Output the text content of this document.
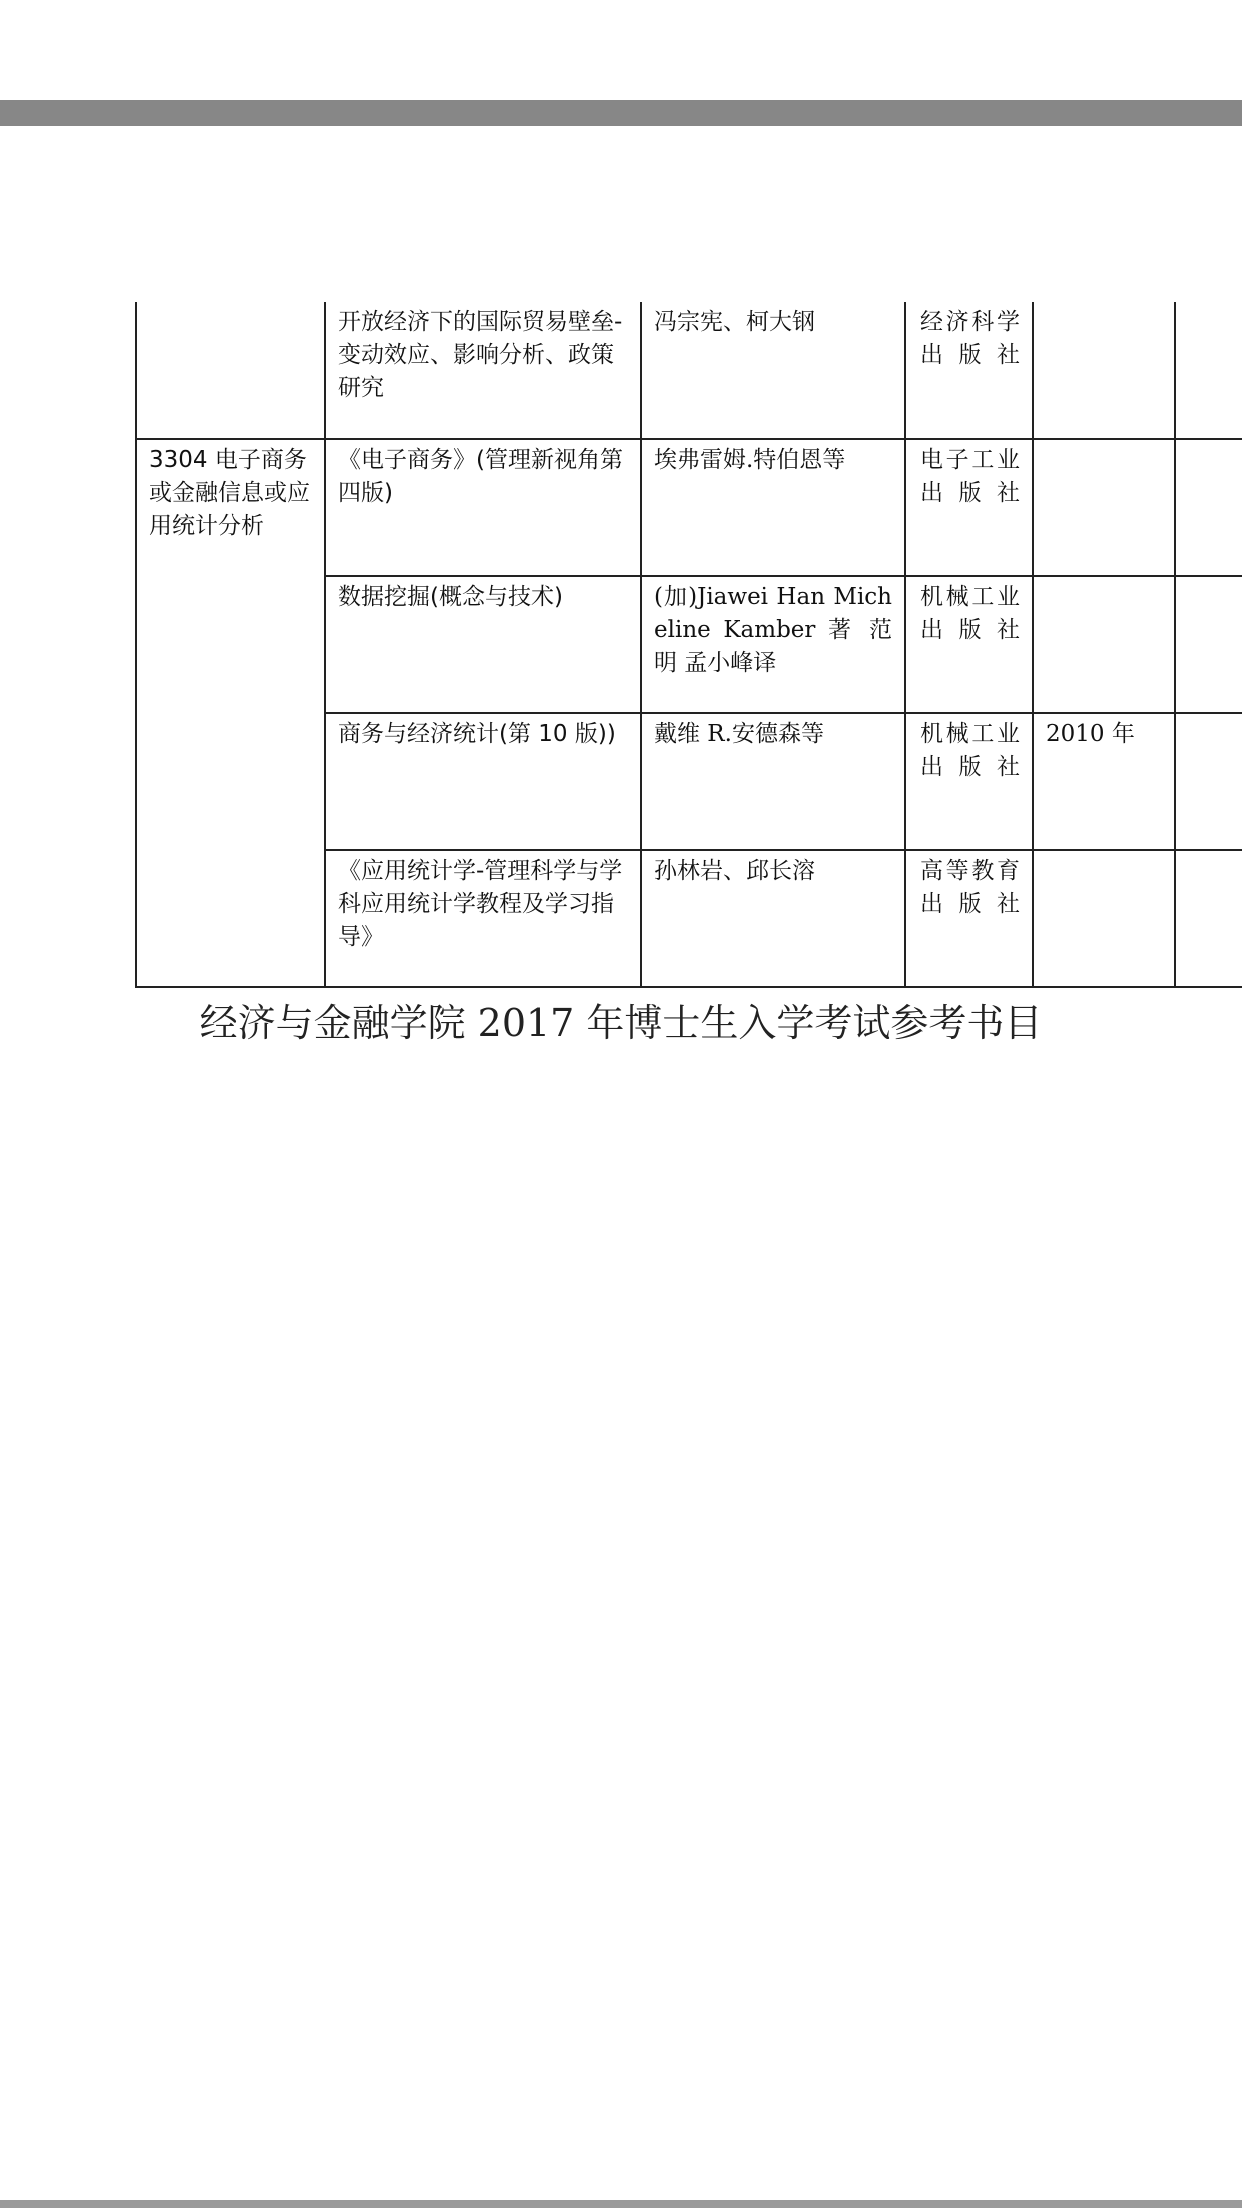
	开放经济下的国际贸易壁垒-变动效应、影响分析、政策研究	冯宗宪、柯大钢	经济科学出版社		
3304 电子商务或金融信息或应用统计分析	《电子商务》(管理新视角第四版)	埃弗雷姆.特伯恩等	电子工业出版社		
	数据挖掘(概念与技术)	(加)Jiawei Han Micheline Kamber 著 范明 孟小峰译	机械工业出版社		
	商务与经济统计(第 10 版))	戴维 R.安德森等	机械工业出版社	2010 年	
	《应用统计学-管理科学与学科应用统计学教程及学习指导》	孙林岩、邱长溶	高等教育出版社		
经济与金融学院 2017 年博士生入学考试参考书目
